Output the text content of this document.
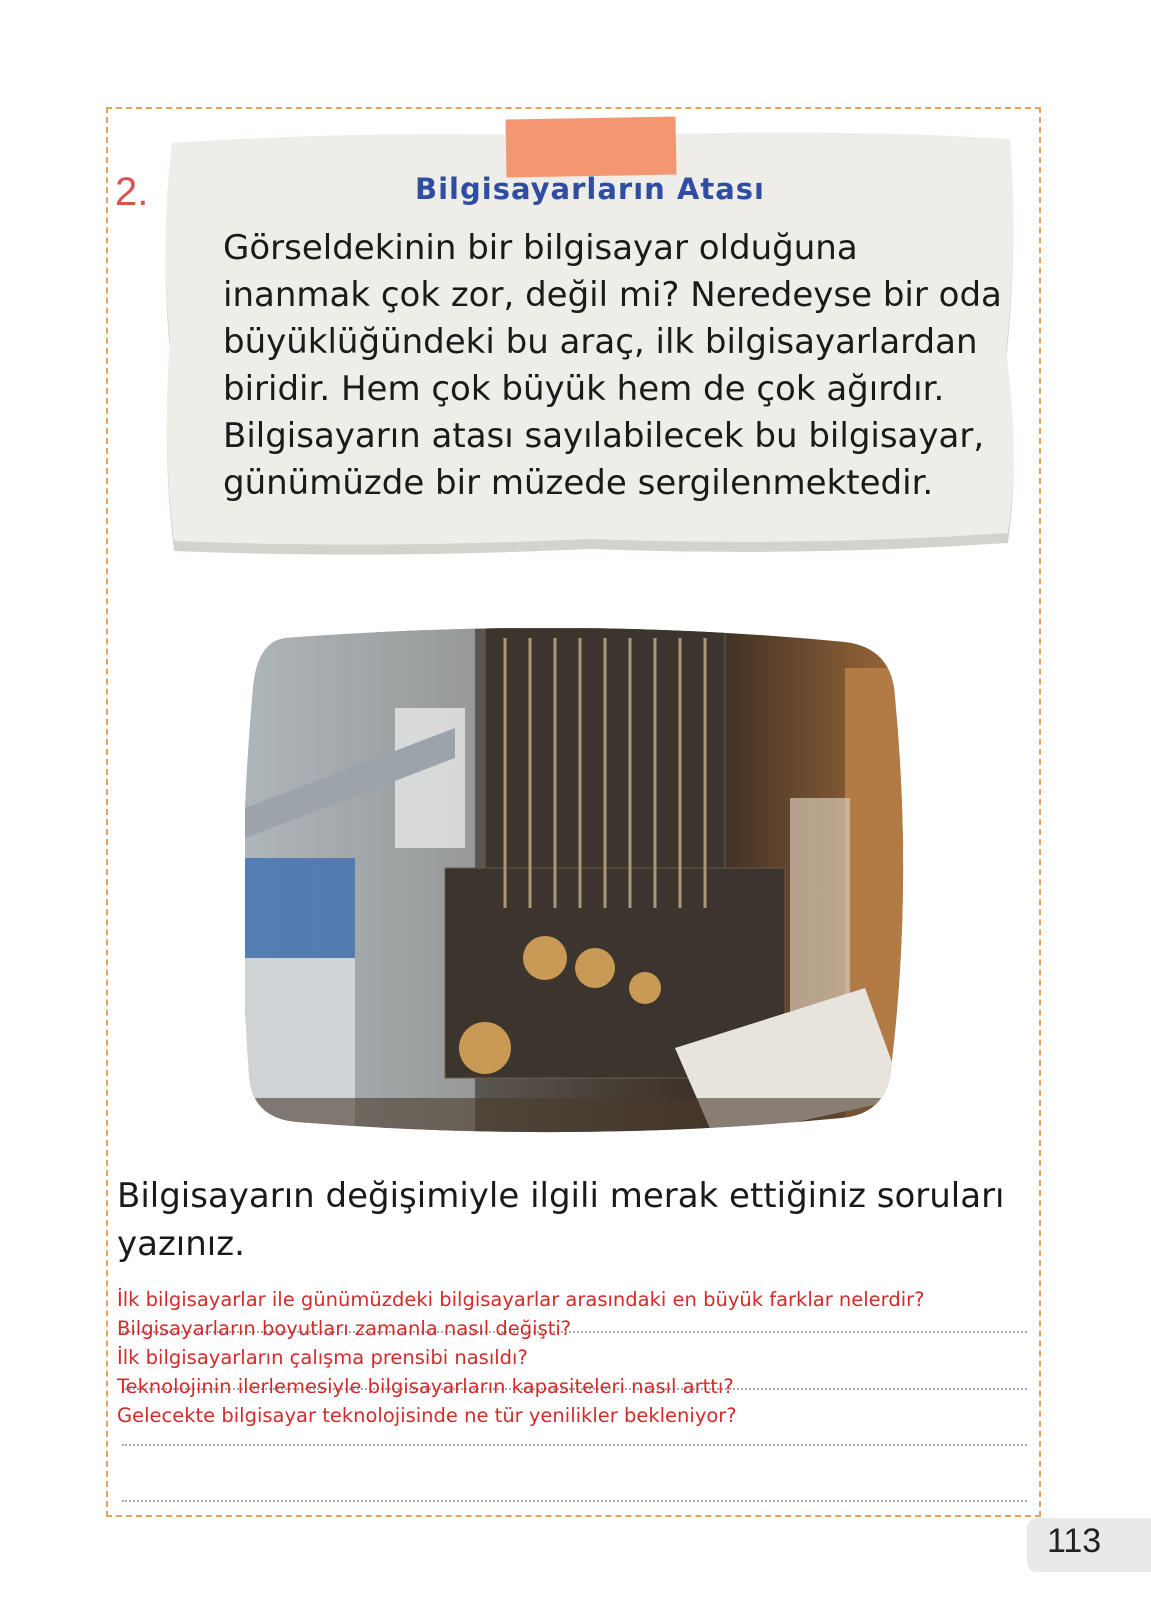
2.	Bilgisayarların Atası

Görseldekinin bir bilgisayar olduğuna inanmak çok zor, değil mi? Neredeyse bir oda büyüklüğündeki bu araç, ilk bilgisayarlardan biridir. Hem çok büyük hem de çok ağırdır. Bilgisayarın atası sayılabilecek bu bilgisayar, günümüzde bir müzede sergilenmektedir.

Bilgisayarın değişimiyle ilgili merak ettiğiniz soruları yazınız.

İlk bilgisayarlar ile günümüzdeki bilgisayarlar arasındaki en büyük farklar nelerdir?
Bilgisayarların boyutları zamanla nasıl değişti?
İlk bilgisayarların çalışma prensibi nasıldı?
Teknolojinin ilerlemesiyle bilgisayarların kapasiteleri nasıl arttı?
Gelecekte bilgisayar teknolojisinde ne tür yenilikler bekleniyor?
113
